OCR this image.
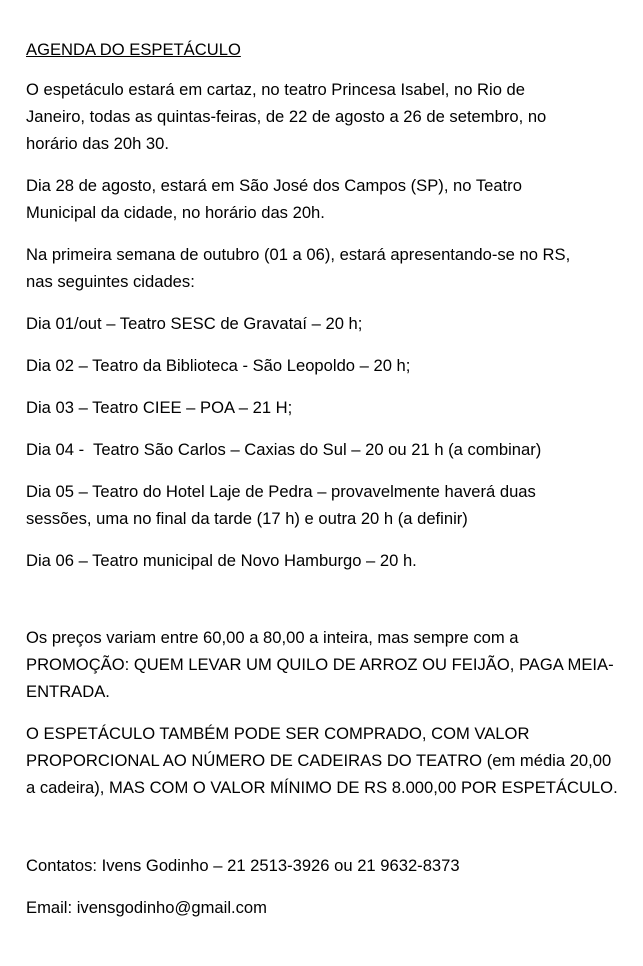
AGENDA DO ESPETÁCULO

O espetáculo estará em cartaz, no teatro Princesa Isabel, no Rio de
Janeiro, todas as quintas-feiras, de 22 de agosto a 26 de setembro, no
horário das 20h 30.

Dia 28 de agosto, estará em São José dos Campos (SP), no Teatro
Municipal da cidade, no horário das 20h.

Na primeira semana de outubro (01 a 06), estará apresentando-se no RS,
nas seguintes cidades:

Dia 01/out – Teatro SESC de Gravataí – 20 h;

Dia 02 – Teatro da Biblioteca - São Leopoldo – 20 h;

Dia 03 – Teatro CIEE – POA – 21 H;

Dia 04 -  Teatro São Carlos – Caxias do Sul – 20 ou 21 h (a combinar)

Dia 05 – Teatro do Hotel Laje de Pedra – provavelmente haverá duas
sessões, uma no final da tarde (17 h) e outra 20 h (a definir)

Dia 06 – Teatro municipal de Novo Hamburgo – 20 h.

Os preços variam entre 60,00 a 80,00 a inteira, mas sempre com a
PROMOÇÃO: QUEM LEVAR UM QUILO DE ARROZ OU FEIJÃO, PAGA MEIA-
ENTRADA.

O ESPETÁCULO TAMBÉM PODE SER COMPRADO, COM VALOR
PROPORCIONAL AO NÚMERO DE CADEIRAS DO TEATRO (em média 20,00
a cadeira), MAS COM O VALOR MÍNIMO DE RS 8.000,00 POR ESPETÁCULO.

Contatos: Ivens Godinho – 21 2513-3926 ou 21 9632-8373

Email: ivensgodinho@gmail.com
